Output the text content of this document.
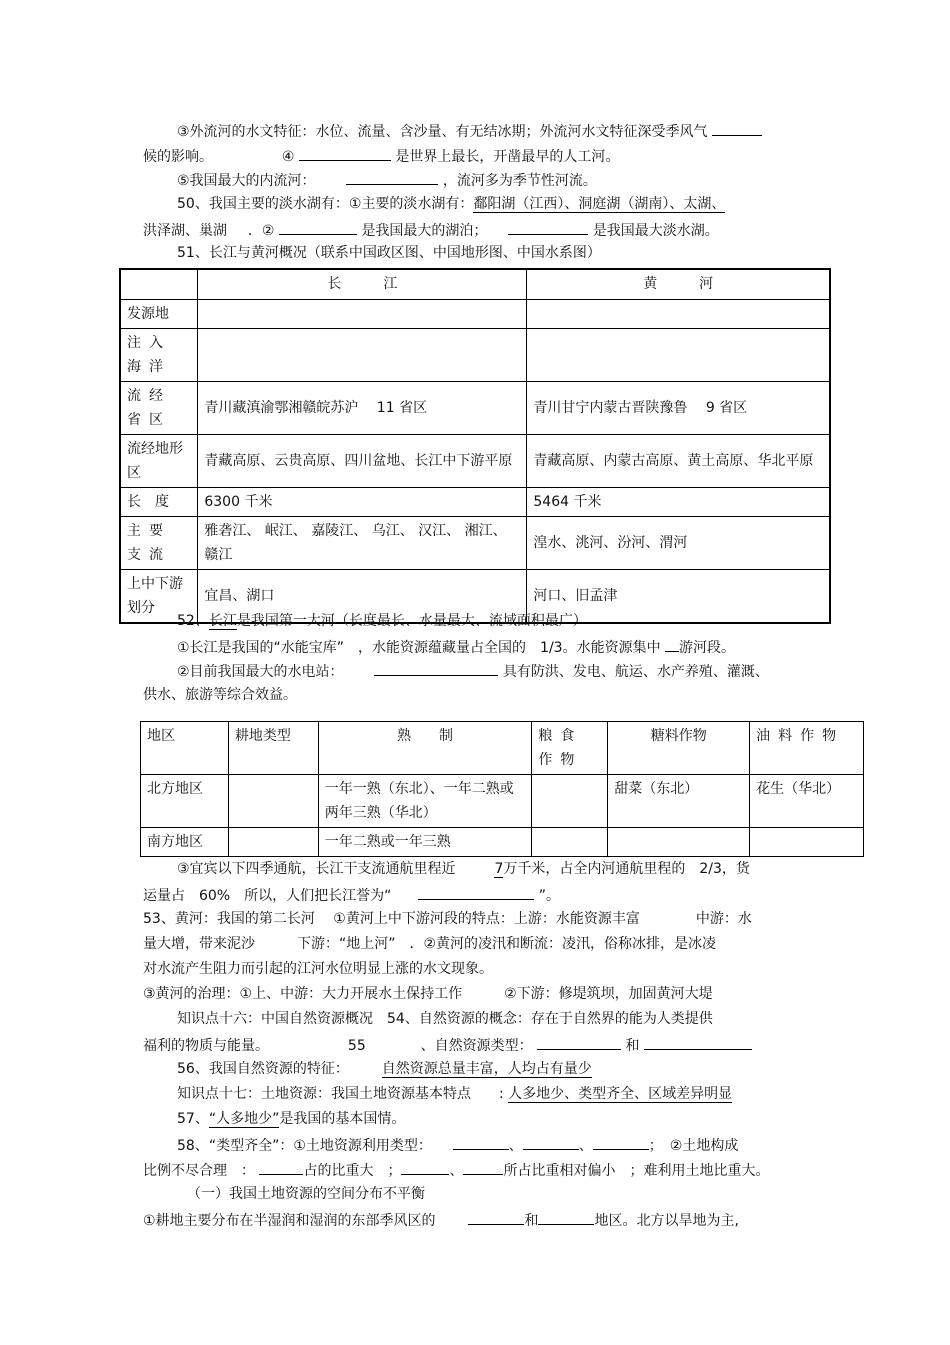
③外流河的水文特征：水位、流量、含沙量、有无结冰期；外流河水文特征深受季风气
候的影响。	④	是世界上最长，开凿最早的人工河。
⑤我国最大的内流河：	，流河多为季节性河流。
50、我国主要的淡水湖有：①主要的淡水湖有：鄱阳湖（江西）、洞庭湖（湖南）、太湖、
洪泽湖、巢湖 ．②	是我国最大的湖泊；	是我国最大淡水湖。
51、长江与黄河概况（联系中国政区图、中国地形图、中国水系图）
	长　　　江	黄　　　河
发源地		
注入海洋		
流经省区	青川藏滇渝鄂湘赣皖苏沪　 11 省区	青川甘宁内蒙古晋陕豫鲁　 9 省区
流经地形区	青藏高原、云贵高原、四川盆地、长江中下游平原	青藏高原、内蒙古高原、黄土高原、华北平原
长　度	6300 千米	5464 千米
主要支流	雅砻江、 岷江、 嘉陵江、 乌江、 汉江、 湘江、赣江	湟水、洮河、汾河、渭河
上中下游划分	宜昌、湖口	河口、旧孟津
52、长江是我国第一大河（长度最长、水量最大、流域面积最广）
①长江是我国的“水能宝库”　，水能资源蕴藏量占全国的　1/3。水能资源集中 游河段。
②目前我国最大的水电站：	具有防洪、发电、航运、水产养殖、灌溉、
供水、旅游等综合效益。
地区	耕地类型	熟　　制	粮食作物	糖料作物	油料作物
北方地区		一年一熟（东北）、一年二熟或两年三熟（华北）		甜菜（东北）	花生（华北）
南方地区		一年二熟或一年三熟			
③宜宾以下四季通航，长江干支流通航里程近	7万千米，占全内河通航里程的　2/3，货
运量占　60%　所以，人们把长江誉为“	”。
53、黄河：我国的第二长河　 ①黄河上中下游河段的特点：上游：水能资源丰富　　　　中游：水
量大增，带来泥沙　　　下游：“地上河”　．②黄河的凌汛和断流：凌汛，俗称冰排，是冰凌
对水流产生阻力而引起的江河水位明显上涨的水文现象。
③黄河的治理：①上、中游：大力开展水土保持工作　　　②下游：修堤筑坝，加固黄河大堤
知识点十六：中国自然资源概况　54、自然资源的概念：存在于自然界的能为人类提供
福利的物质与能量。	55	、自然资源类型：	和
56、我国自然资源的特征： 自然资源总量丰富，人均占有量少
知识点十七：土地资源：我国土地资源基本特点　　: 人多地少、类型齐全、区域差异明显
57、“人多地少”是我国的基本国情。
58、“类型齐全”：①土地资源利用类型：	、	、	；　②土地构成
比例不尽合理　：	占的比重大　；	、	所占比重相对偏小　；难利用土地比重大。
（一）我国土地资源的空间分布不平衡
①耕地主要分布在半湿润和湿润的东部季风区的	和	地区。北方以旱地为主,
